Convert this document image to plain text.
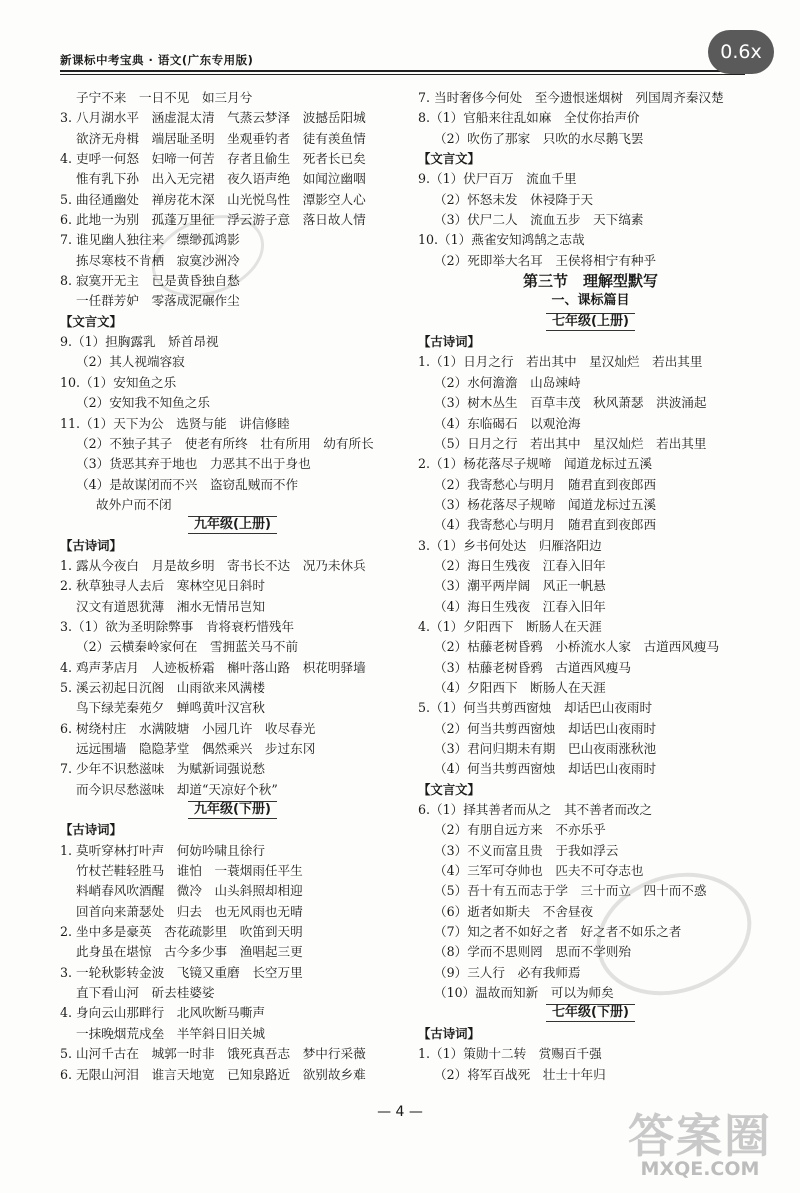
新课标中考宝典 · 语文(广东专用版)	0.6x
子宁不来　一日不见　如三月兮
3. 八月湖水平　涵虚混太清　气蒸云梦泽　波撼岳阳城
欲济无舟楫　端居耻圣明　坐观垂钓者　徒有羡鱼情
4. 吏呼一何怒　妇啼一何苦　存者且偷生　死者长已矣
惟有乳下孙　出入无完裙　夜久语声绝　如闻泣幽咽
5. 曲径通幽处　禅房花木深　山光悦鸟性　潭影空人心
6. 此地一为别　孤蓬万里征　浮云游子意　落日故人情
7. 谁见幽人独往来　缥缈孤鸿影
拣尽寒枝不肯栖　寂寞沙洲冷
8. 寂寞开无主　已是黄昏独自愁
一任群芳妒　零落成泥碾作尘
【文言文】
9.（1）担胸露乳　矫首昂视
（2）其人视端容寂
10.（1）安知鱼之乐
（2）安知我不知鱼之乐
11.（1）天下为公　选贤与能　讲信修睦
（2）不独子其子　使老有所终　壮有所用　幼有所长
（3）货恶其弃于地也　力恶其不出于身也
（4）是故谋闭而不兴　盗窃乱贼而不作
故外户而不闭
九年级(上册)
【古诗词】
1. 露从今夜白　月是故乡明　寄书长不达　况乃未休兵
2. 秋草独寻人去后　寒林空见日斜时
汉文有道恩犹薄　湘水无情吊岂知
3.（1）欲为圣明除弊事　肯将衰朽惜残年
（2）云横秦岭家何在　雪拥蓝关马不前
4. 鸡声茅店月　人迹板桥霜　槲叶落山路　枳花明驿墙
5. 溪云初起日沉阁　山雨欲来风满楼
鸟下绿芜秦苑夕　蝉鸣黄叶汉宫秋
6. 树绕村庄　水满陂塘　小园几许　收尽春光
远远围墙　隐隐茅堂　偶然乘兴　步过东冈
7. 少年不识愁滋味　为赋新词强说愁
而今识尽愁滋味　却道“天凉好个秋”
九年级(下册)
【古诗词】
1. 莫听穿林打叶声　何妨吟啸且徐行
竹杖芒鞋轻胜马　谁怕　一蓑烟雨任平生
料峭春风吹酒醒　微冷　山头斜照却相迎
回首向来萧瑟处　归去　也无风雨也无晴
2. 坐中多是豪英　杏花疏影里　吹笛到天明
此身虽在堪惊　古今多少事　渔唱起三更
3. 一轮秋影转金波　飞镜又重磨　长空万里
直下看山河　斫去桂婆娑
4. 身向云山那畔行　北风吹断马嘶声
一抹晚烟荒戍垒　半竿斜日旧关城
5. 山河千古在　城郭一时非　饿死真吾志　梦中行采薇
6. 无限山河泪　谁言天地宽　已知泉路近　欲别故乡难
7. 当时奢侈今何处　至今遗恨迷烟树　列国周齐秦汉楚
8.（1）官船来往乱如麻　全仗你抬声价
（2）吹伤了那家　只吹的水尽鹅飞罢
【文言文】
9.（1）伏尸百万　流血千里
（2）怀怒未发　休祲降于天
（3）伏尸二人　流血五步　天下缟素
10.（1）燕雀安知鸿鹄之志哉
（2）死即举大名耳　王侯将相宁有种乎
第三节　理解型默写
一、课标篇目
七年级(上册)
【古诗词】
1.（1）日月之行　若出其中　星汉灿烂　若出其里
（2）水何澹澹　山岛竦峙
（3）树木丛生　百草丰茂　秋风萧瑟　洪波涌起
（4）东临碣石　以观沧海
（5）日月之行　若出其中　星汉灿烂　若出其里
2.（1）杨花落尽子规啼　闻道龙标过五溪
（2）我寄愁心与明月　随君直到夜郎西
（3）杨花落尽子规啼　闻道龙标过五溪
（4）我寄愁心与明月　随君直到夜郎西
3.（1）乡书何处达　归雁洛阳边
（2）海日生残夜　江春入旧年
（3）潮平两岸阔　风正一帆悬
（4）海日生残夜　江春入旧年
4.（1）夕阳西下　断肠人在天涯
（2）枯藤老树昏鸦　小桥流水人家　古道西风瘦马
（3）枯藤老树昏鸦　古道西风瘦马
（4）夕阳西下　断肠人在天涯
5.（1）何当共剪西窗烛　却话巴山夜雨时
（2）何当共剪西窗烛　却话巴山夜雨时
（3）君问归期未有期　巴山夜雨涨秋池
（4）何当共剪西窗烛　却话巴山夜雨时
【文言文】
6.（1）择其善者而从之　其不善者而改之
（2）有朋自远方来　不亦乐乎
（3）不义而富且贵　于我如浮云
（4）三军可夺帅也　匹夫不可夺志也
（5）吾十有五而志于学　三十而立　四十而不惑
（6）逝者如斯夫　不舍昼夜
（7）知之者不如好之者　好之者不如乐之者
（8）学而不思则罔　思而不学则殆
（9）三人行　必有我师焉
（10）温故而知新　可以为师矣
七年级(下册)
【古诗词】
1.（1）策勋十二转　赏赐百千强
（2）将军百战死　壮士十年归
— 4 —	答案圈
MXQE.COM
